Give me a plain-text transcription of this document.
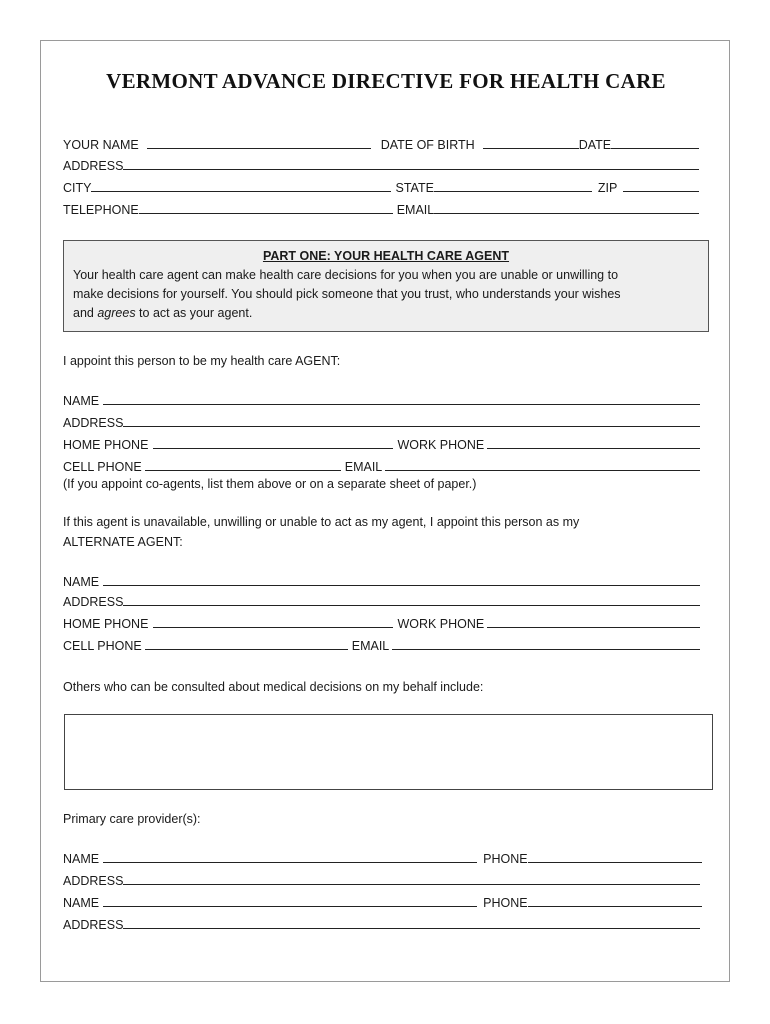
VERMONT ADVANCE DIRECTIVE FOR HEALTH CARE
YOUR NAME	DATE OF BIRTH	DATE
ADDRESS
CITY	STATE	ZIP
TELEPHONE	EMAIL
PART ONE: YOUR HEALTH CARE AGENT
Your health care agent can make health care decisions for you when you are unable or unwilling to
make decisions for yourself. You should pick someone that you trust, who understands your wishes
and agrees to act as your agent.
I appoint this person to be my health care AGENT:
NAME
ADDRESS
HOME PHONE	WORK PHONE
CELL PHONE	EMAIL
(If you appoint co-agents, list them above or on a separate sheet of paper.)
If this agent is unavailable, unwilling or unable to act as my agent, I appoint this person as my
ALTERNATE AGENT:
NAME
ADDRESS
HOME PHONE	WORK PHONE
CELL PHONE	EMAIL
Others who can be consulted about medical decisions on my behalf include:
Primary care provider(s):
NAME	PHONE
ADDRESS
NAME	PHONE
ADDRESS
